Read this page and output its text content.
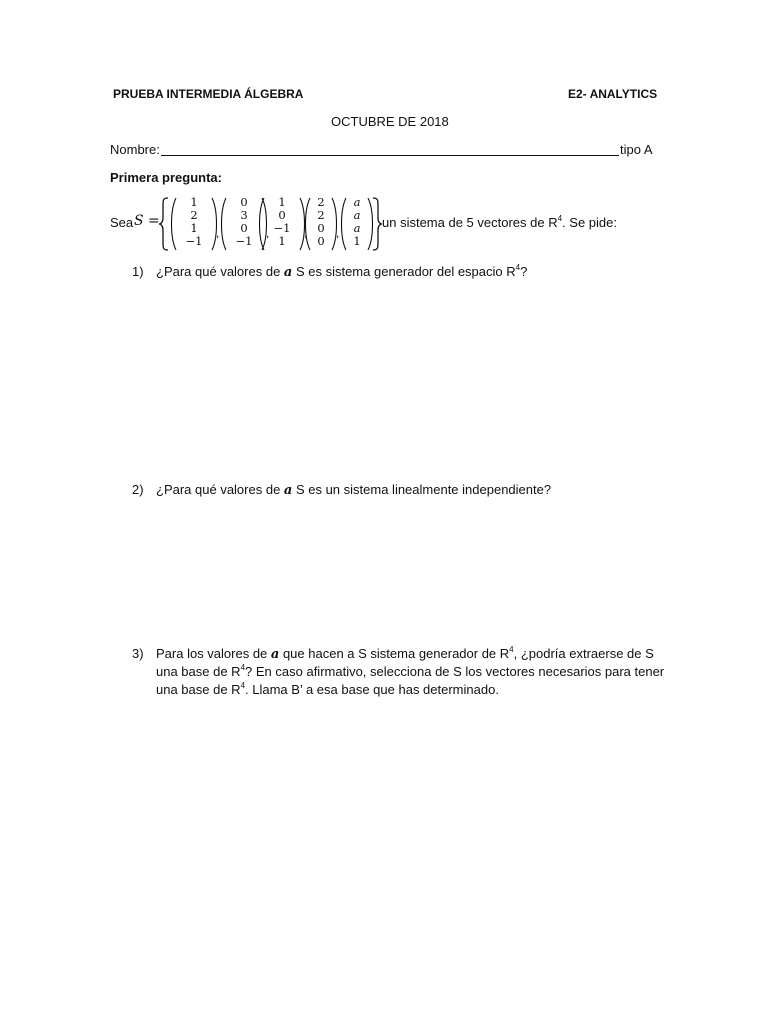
PRUEBA INTERMEDIA ÁLGEBRA	E2- ANALYTICS
OCTUBRE DE 2018
Nombre:	tipo A
Primera pregunta:
Sea S =
1
2
1
−1
,
0
3
0
−1
,
1
0
−1
1
,
2
2
0
0
,
a
a
a
1
un sistema de 5 vectores de $R^4$. Se pide:
1) ¿Para qué valores de a S es sistema generador del espacio $R^4$?
2) ¿Para qué valores de a S es un sistema linealmente independiente?
3) Para los valores de a que hacen a S sistema generador de $R^4$, ¿podría extraerse de S
una base de $R^4$? En caso afirmativo, selecciona de S los vectores necesarios para tener
una base de $R^4$. Llama B’ a esa base que has determinado.
